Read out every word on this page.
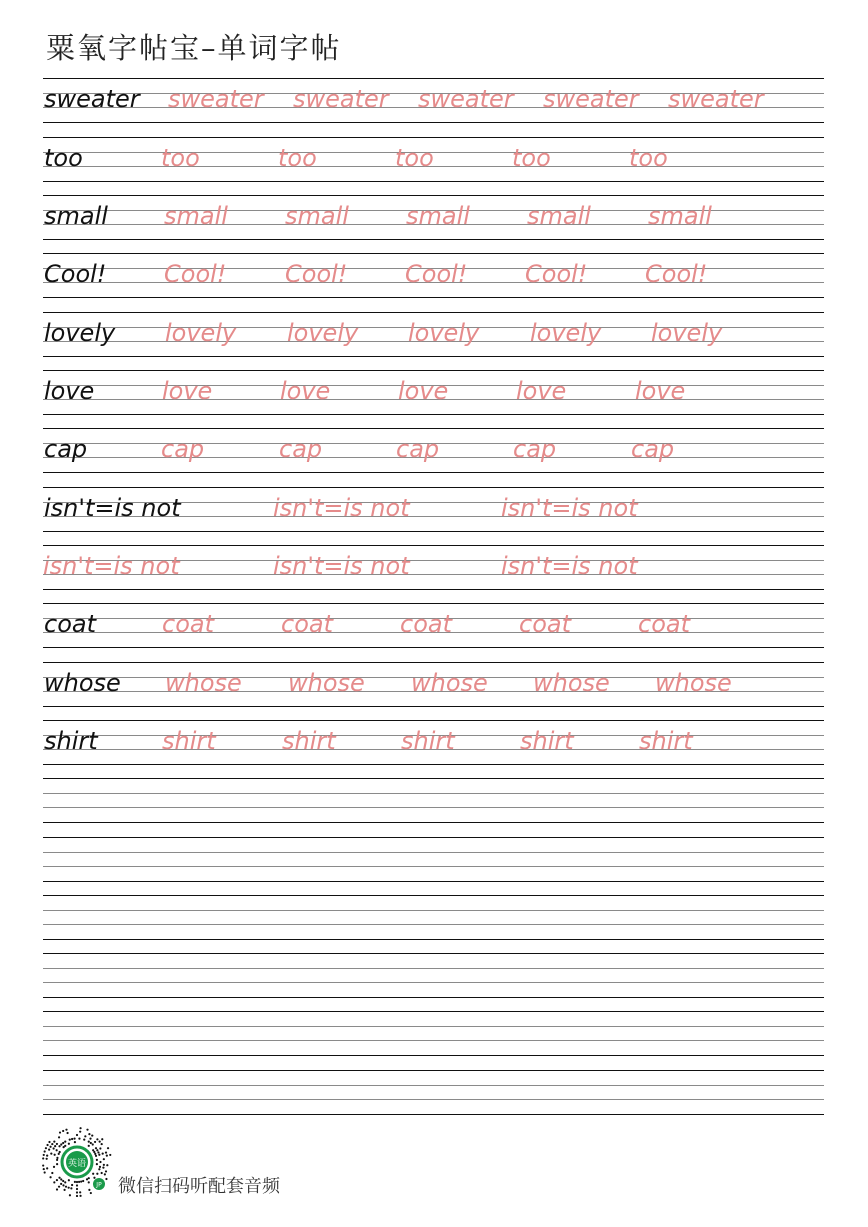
粟氧字帖宝–单词字帖
sweater sweater sweater sweater sweater sweater
too	too	too	too	too	too
small small small small small small
Cool! Cool! Cool! Cool! Cool! Cool!
lovely lovely lovely lovely lovely lovely
love	love	love	love	love	love
cap	cap	cap	cap	cap	cap
isn't=is not	isn't=is not	isn't=is not
isn't=is not	isn't=is not	isn't=is not
coat	coat	coat	coat	coat	coat
whose whose whose whose whose whose
shirt	shirt	shirt	shirt	shirt	shirt
英语
JP 微信扫码听配套音频
